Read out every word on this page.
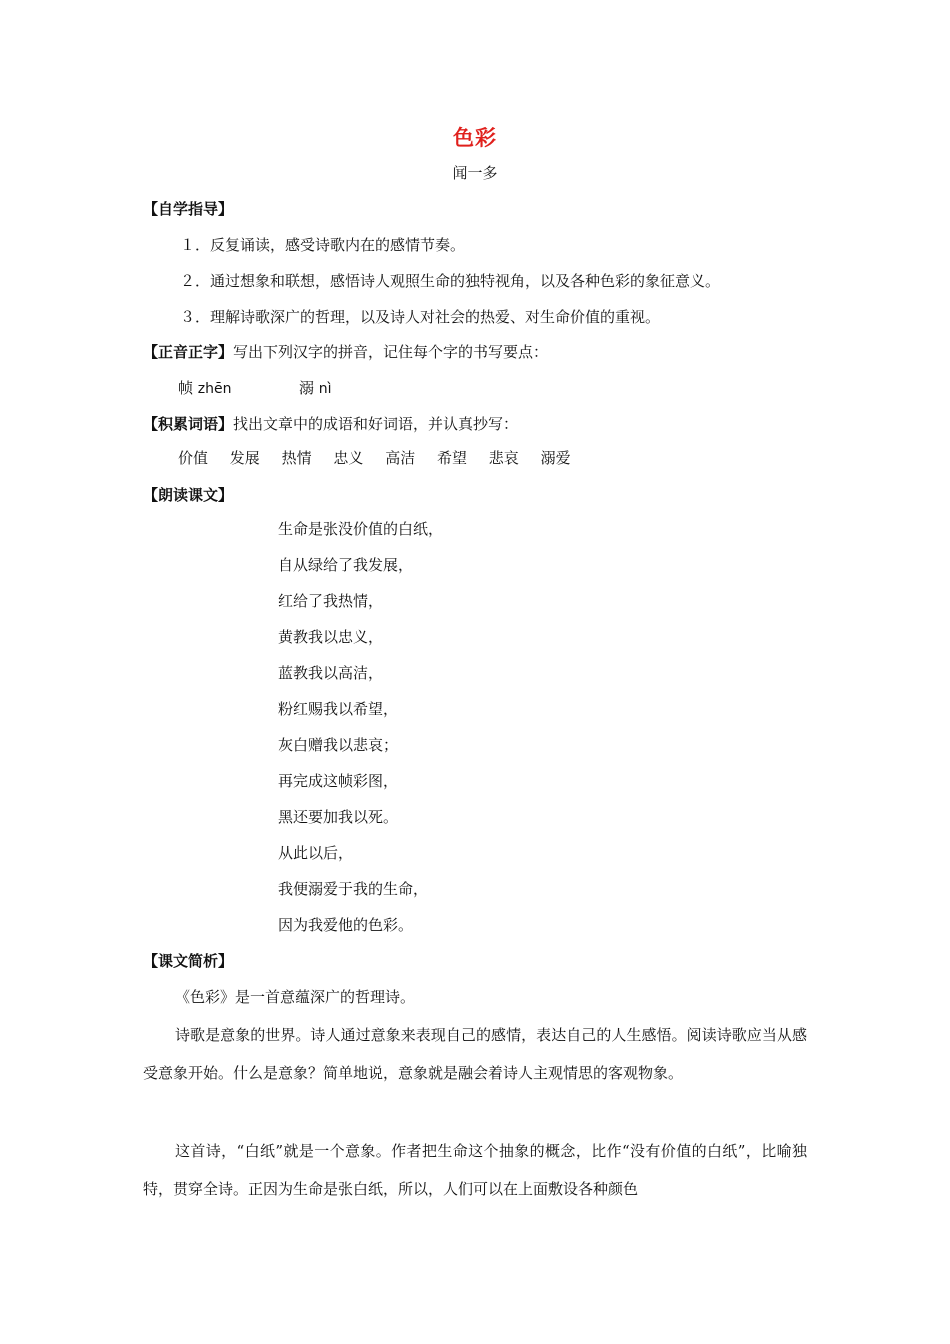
色彩
闻一多
【自学指导】
１．反复诵读，感受诗歌内在的感情节奏。
２．通过想象和联想，感悟诗人观照生命的独特视角，以及各种色彩的象征意义。
３．理解诗歌深广的哲理，以及诗人对社会的热爱、对生命价值的重视。
【正音正字】写出下列汉字的拼音，记住每个字的书写要点：
帧 zhēn	溺 nì
【积累词语】找出文章中的成语和好词语，并认真抄写：
价值 发展 热情 忠义 高洁 希望 悲哀 溺爱
【朗读课文】
生命是张没价值的白纸，
自从绿给了我发展，
红给了我热情，
黄教我以忠义，
蓝教我以高洁，
粉红赐我以希望，
灰白赠我以悲哀；
再完成这帧彩图，
黑还要加我以死。
从此以后，
我便溺爱于我的生命，
因为我爱他的色彩。
【课文简析】
《色彩》是一首意蕴深广的哲理诗。
诗歌是意象的世界。诗人通过意象来表现自己的感情，表达自己的人生感悟。阅读诗歌应当从感受意象开始。什么是意象？简单地说，意象就是融会着诗人主观情思的客观物象。
这首诗，“白纸”就是一个意象。作者把生命这个抽象的概念，比作“没有价值的白纸”，比喻独特，贯穿全诗。正因为生命是张白纸，所以，人们可以在上面敷设各种颜色
